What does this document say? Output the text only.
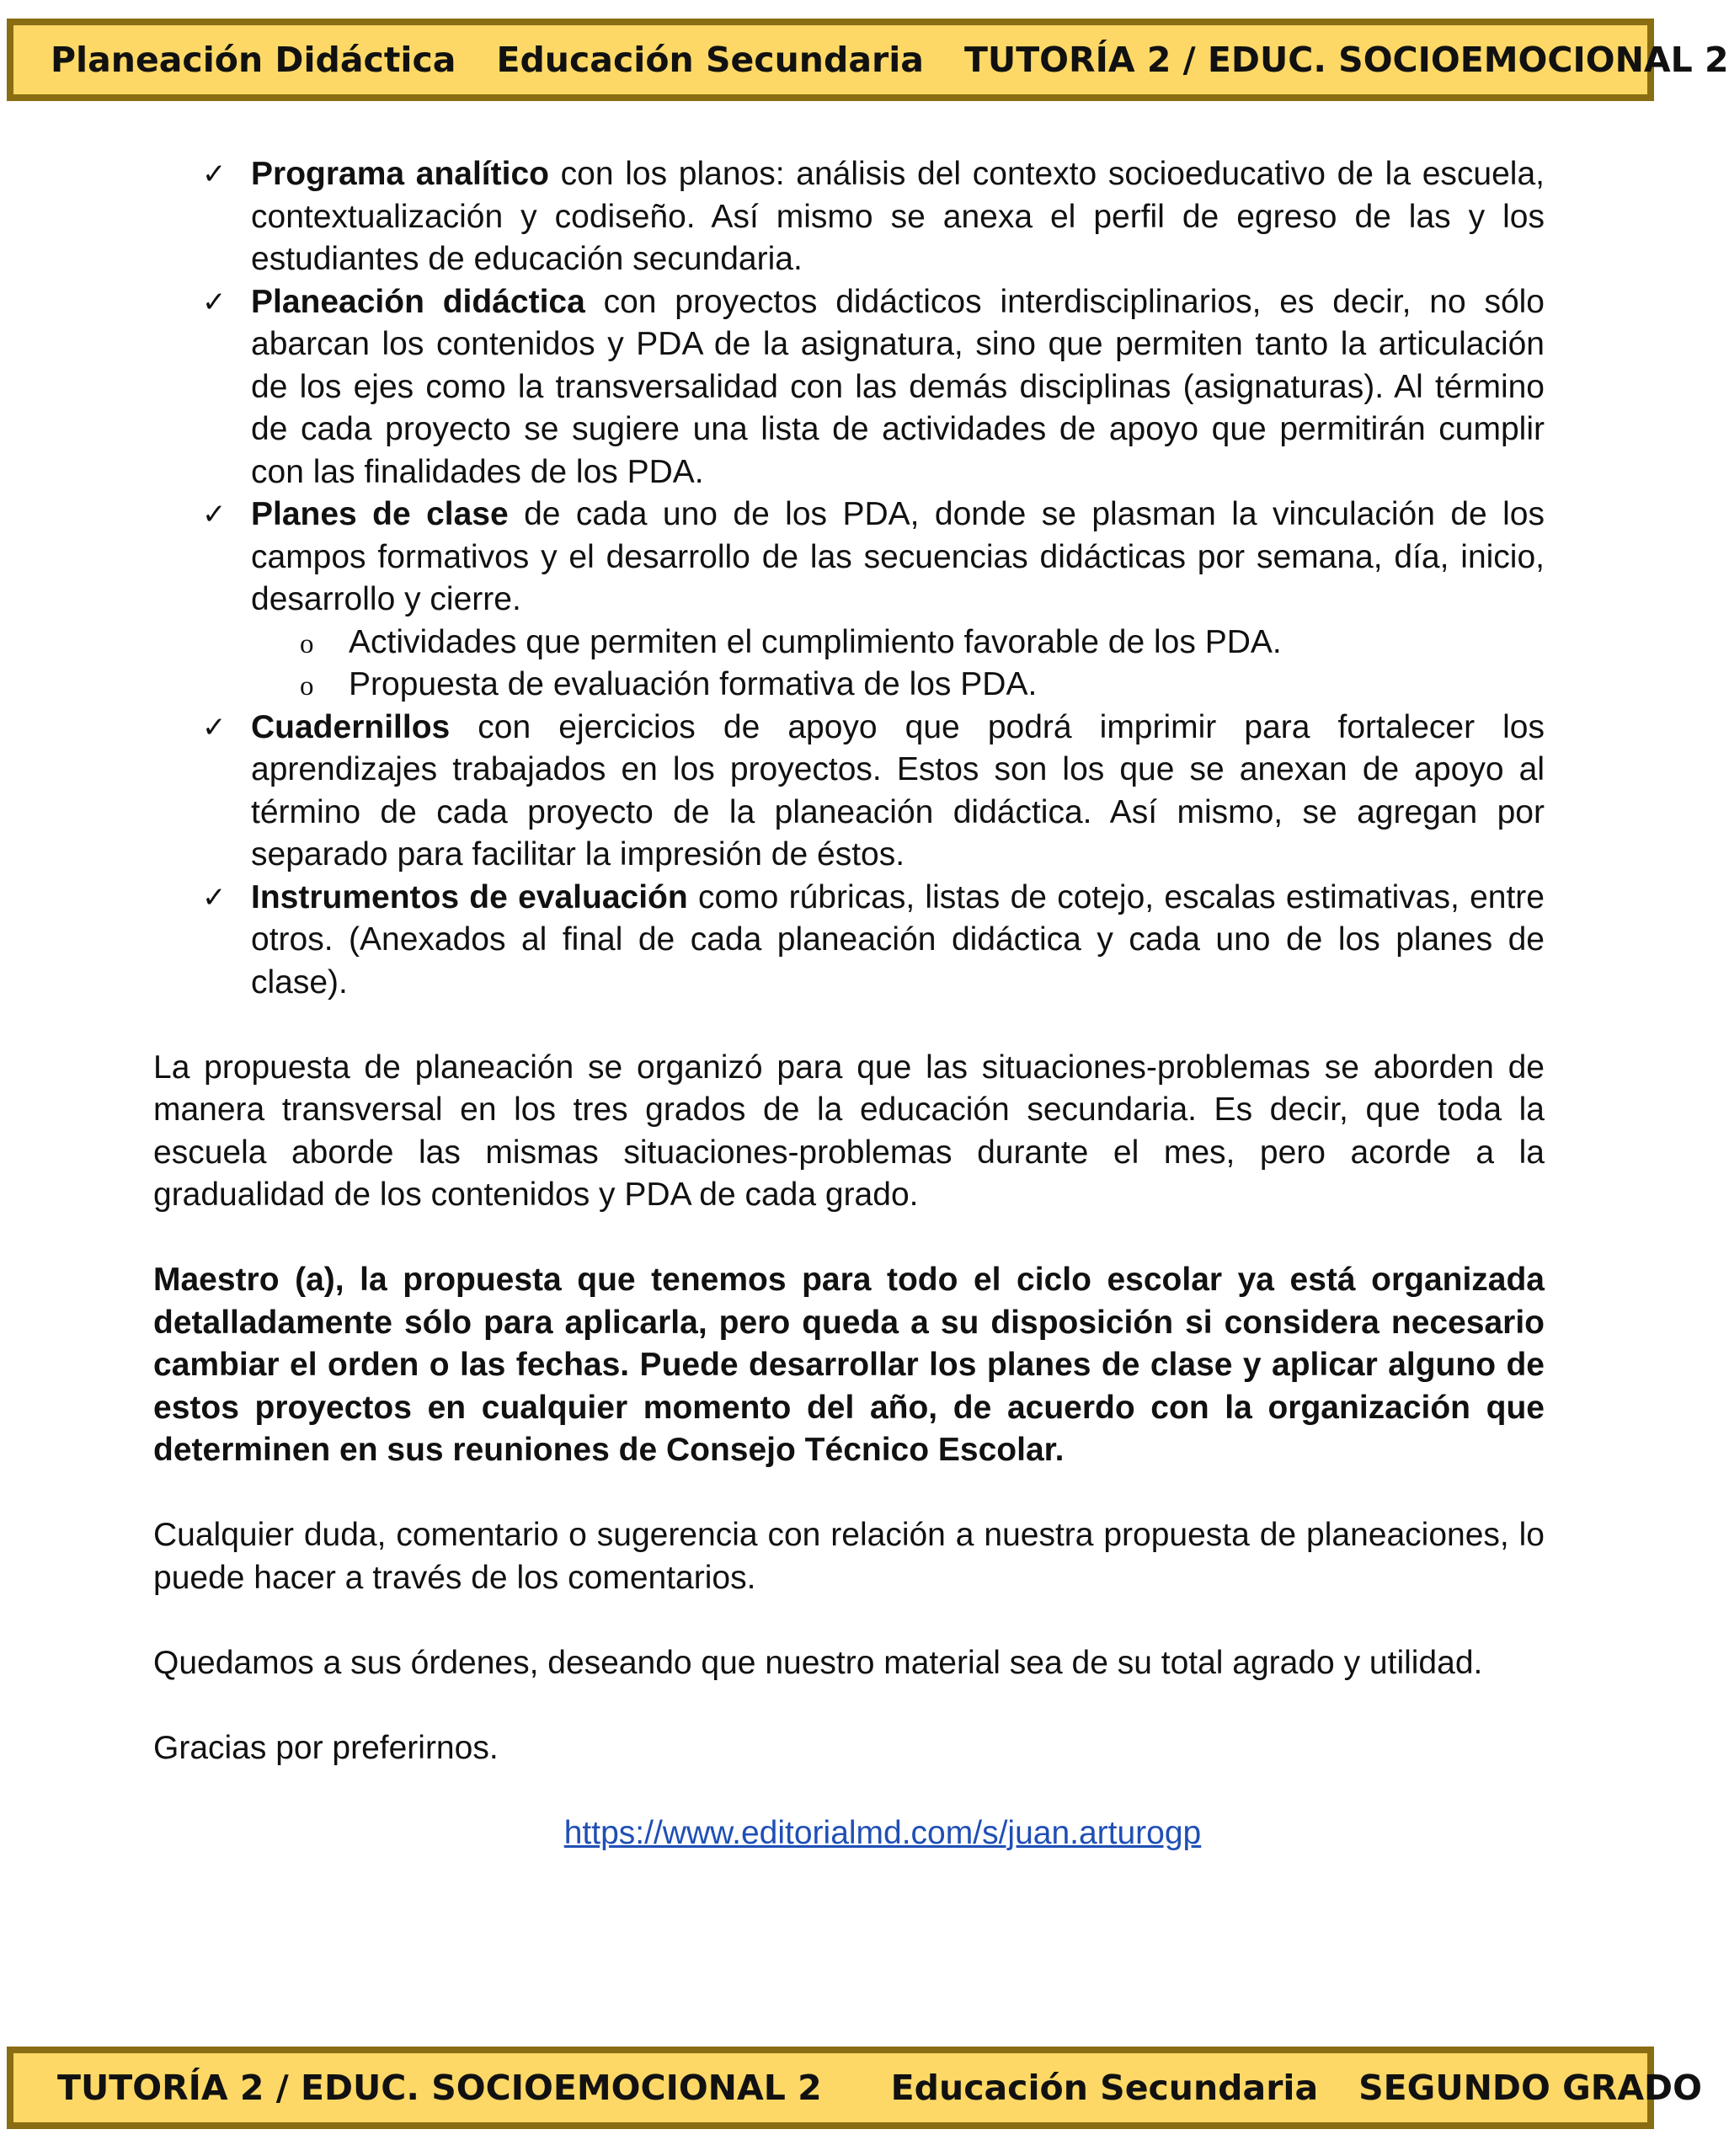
Planeación Didáctica Educación Secundaria TUTORÍA 2 / EDUC. SOCIOEMOCIONAL 2
✓ Programa analítico con los planos: análisis del contexto socioeducativo de la escuela, contextualización y codiseño. Así mismo se anexa el perfil de egreso de las y los estudiantes de educación secundaria.
✓ Planeación didáctica con proyectos didácticos interdisciplinarios, es decir, no sólo abarcan los contenidos y PDA de la asignatura, sino que permiten tanto la articulación de los ejes como la transversalidad con las demás disciplinas (asignaturas). Al término de cada proyecto se sugiere una lista de actividades de apoyo que permitirán cumplir con las finalidades de los PDA.
✓ Planes de clase de cada uno de los PDA, donde se plasman la vinculación de los campos formativos y el desarrollo de las secuencias didácticas por semana, día, inicio, desarrollo y cierre.
o Actividades que permiten el cumplimiento favorable de los PDA.
o Propuesta de evaluación formativa de los PDA.
✓ Cuadernillos con ejercicios de apoyo que podrá imprimir para fortalecer los aprendizajes trabajados en los proyectos. Estos son los que se anexan de apoyo al término de cada proyecto de la planeación didáctica. Así mismo, se agregan por separado para facilitar la impresión de éstos.
✓ Instrumentos de evaluación como rúbricas, listas de cotejo, escalas estimativas, entre otros. (Anexados al final de cada planeación didáctica y cada uno de los planes de clase).

La propuesta de planeación se organizó para que las situaciones-problemas se aborden de manera transversal en los tres grados de la educación secundaria. Es decir, que toda la escuela aborde las mismas situaciones-problemas durante el mes, pero acorde a la gradualidad de los contenidos y PDA de cada grado.

Maestro (a), la propuesta que tenemos para todo el ciclo escolar ya está organizada detalladamente sólo para aplicarla, pero queda a su disposición si considera necesario cambiar el orden o las fechas. Puede desarrollar los planes de clase y aplicar alguno de estos proyectos en cualquier momento del año, de acuerdo con la organización que determinen en sus reuniones de Consejo Técnico Escolar.

Cualquier duda, comentario o sugerencia con relación a nuestra propuesta de planeaciones, lo puede hacer a través de los comentarios.

Quedamos a sus órdenes, deseando que nuestro material sea de su total agrado y utilidad.

Gracias por preferirnos.

https://www.editorialmd.com/s/juan.arturogp
TUTORÍA 2 / EDUC. SOCIOEMOCIONAL 2 Educación Secundaria SEGUNDO GRADO
